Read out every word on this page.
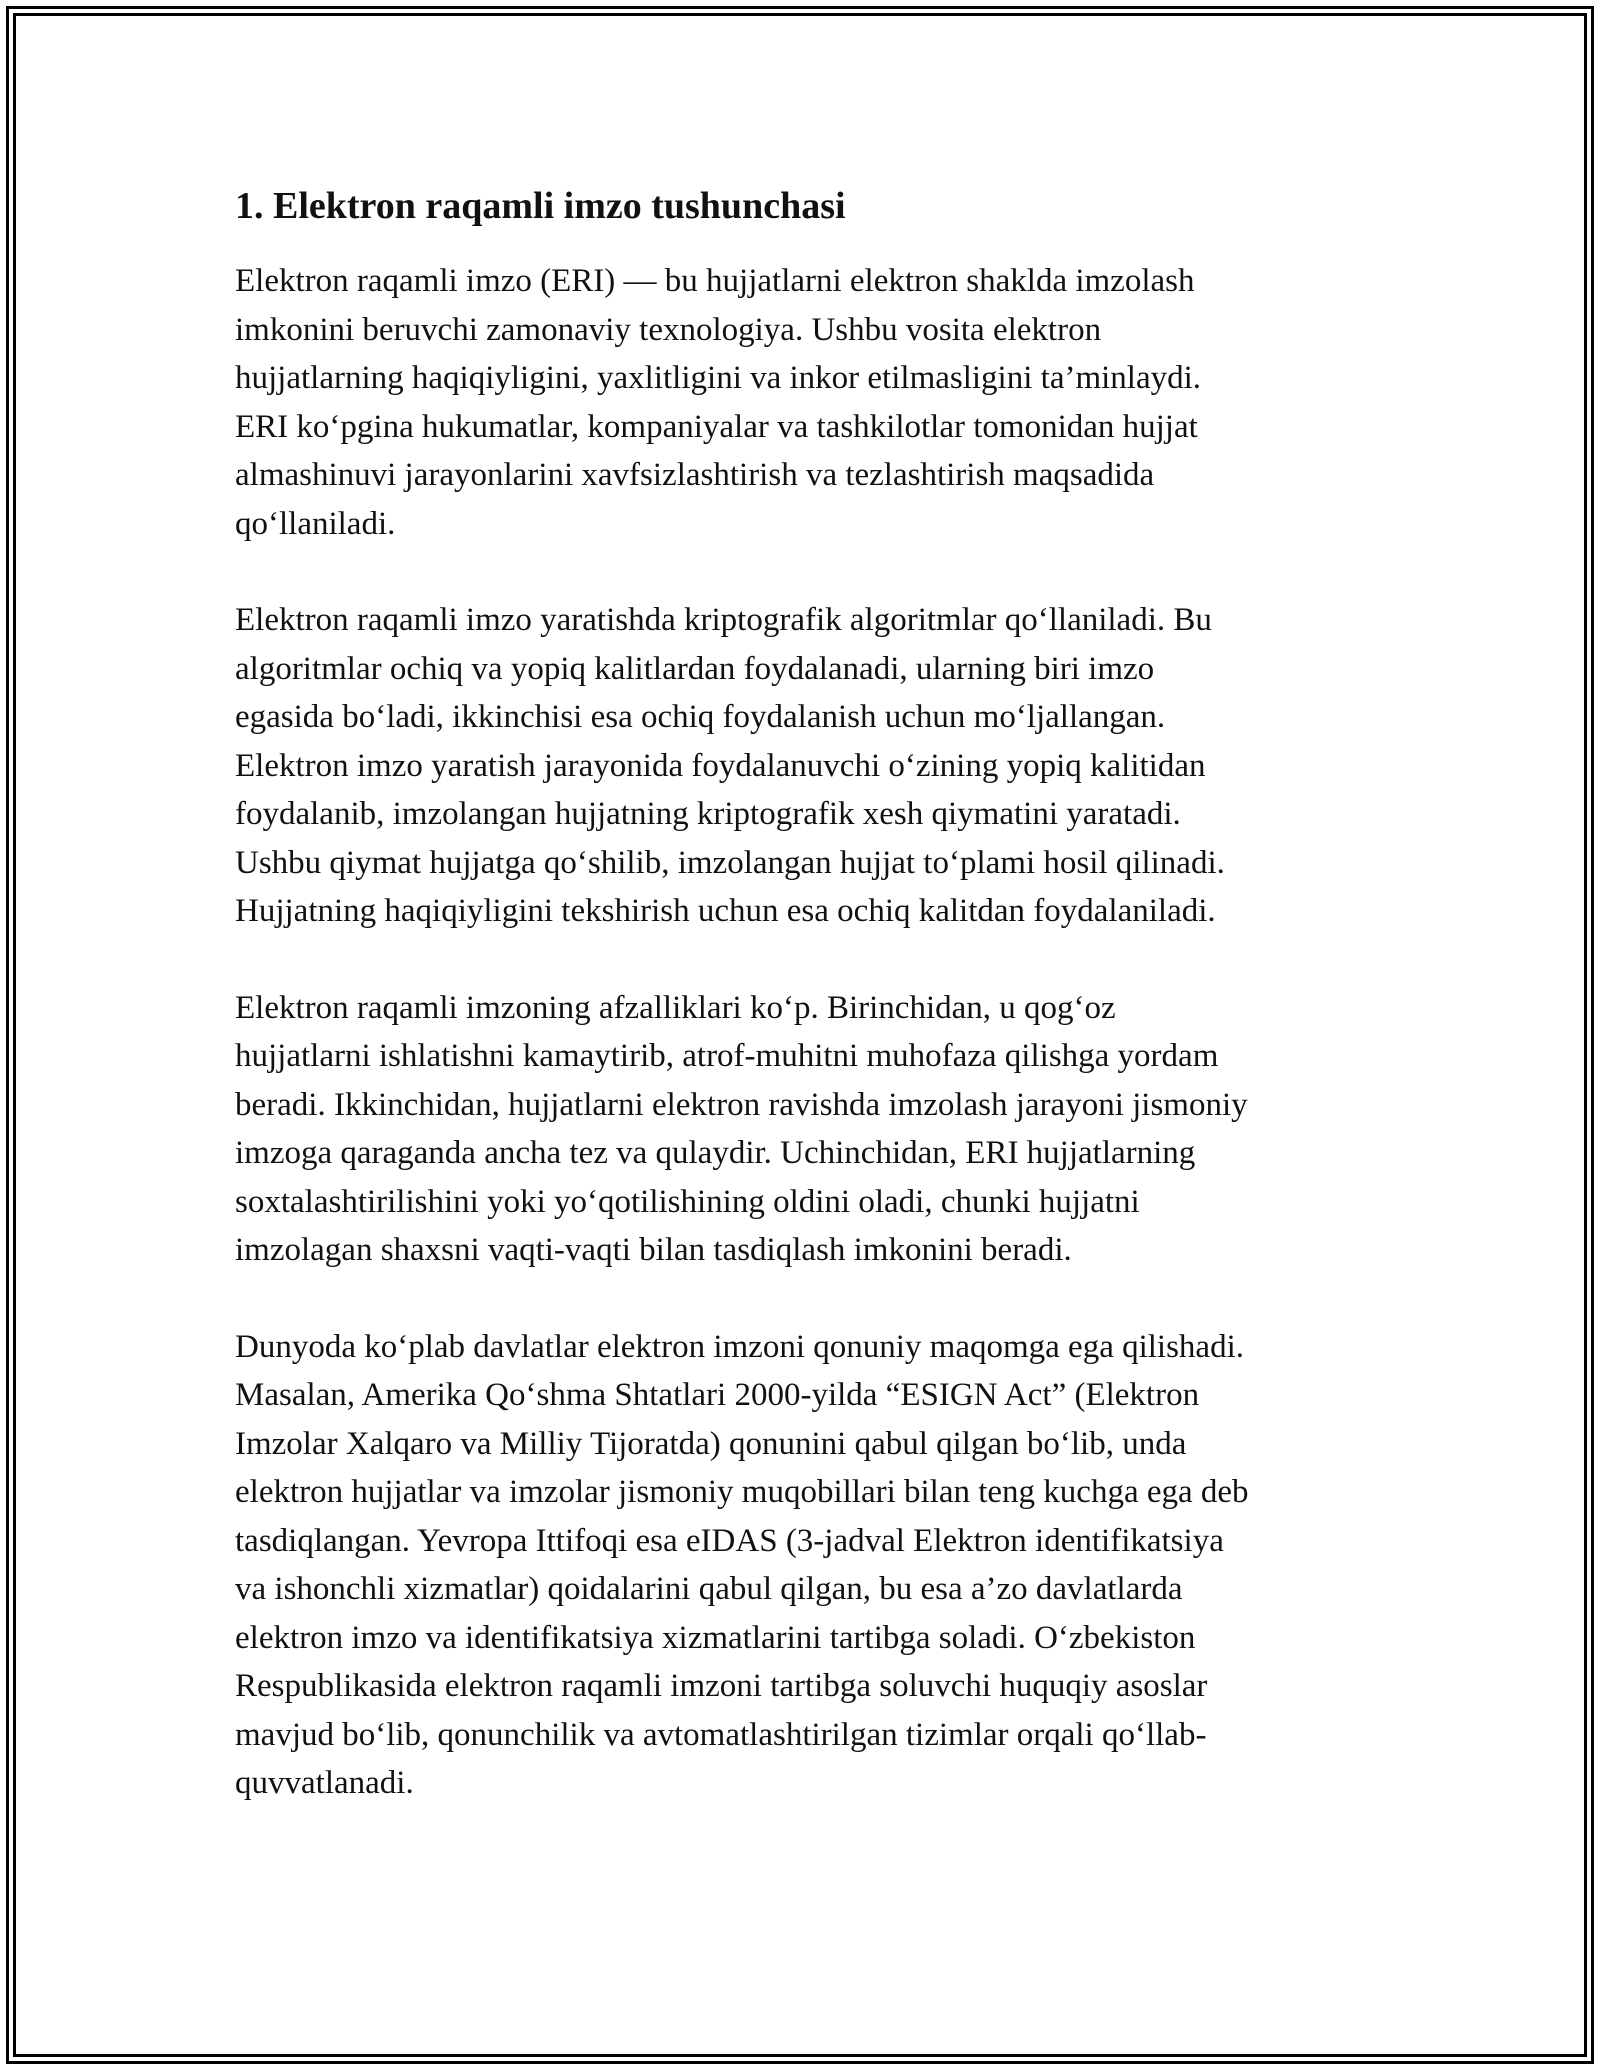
1. Elektron raqamli imzo tushunchasi

Elektron raqamli imzo (ERI) — bu hujjatlarni elektron shaklda imzolash
imkonini beruvchi zamonaviy texnologiya. Ushbu vosita elektron
hujjatlarning haqiqiyligini, yaxlitligini va inkor etilmasligini ta’minlaydi.
ERI koʻpgina hukumatlar, kompaniyalar va tashkilotlar tomonidan hujjat
almashinuvi jarayonlarini xavfsizlashtirish va tezlashtirish maqsadida
qoʻllaniladi.

Elektron raqamli imzo yaratishda kriptografik algoritmlar qoʻllaniladi. Bu
algoritmlar ochiq va yopiq kalitlardan foydalanadi, ularning biri imzo
egasida boʻladi, ikkinchisi esa ochiq foydalanish uchun moʻljallangan.
Elektron imzo yaratish jarayonida foydalanuvchi oʻzining yopiq kalitidan
foydalanib, imzolangan hujjatning kriptografik xesh qiymatini yaratadi.
Ushbu qiymat hujjatga qoʻshilib, imzolangan hujjat toʻplami hosil qilinadi.
Hujjatning haqiqiyligini tekshirish uchun esa ochiq kalitdan foydalaniladi.

Elektron raqamli imzoning afzalliklari koʻp. Birinchidan, u qogʻoz
hujjatlarni ishlatishni kamaytirib, atrof-muhitni muhofaza qilishga yordam
beradi. Ikkinchidan, hujjatlarni elektron ravishda imzolash jarayoni jismoniy
imzoga qaraganda ancha tez va qulaydir. Uchinchidan, ERI hujjatlarning
soxtalashtirilishini yoki yoʻqotilishining oldini oladi, chunki hujjatni
imzolagan shaxsni vaqti-vaqti bilan tasdiqlash imkonini beradi.

Dunyoda koʻplab davlatlar elektron imzoni qonuniy maqomga ega qilishadi.
Masalan, Amerika Qoʻshma Shtatlari 2000-yilda “ESIGN Act” (Elektron
Imzolar Xalqaro va Milliy Tijoratda) qonunini qabul qilgan boʻlib, unda
elektron hujjatlar va imzolar jismoniy muqobillari bilan teng kuchga ega deb
tasdiqlangan. Yevropa Ittifoqi esa eIDAS (3-jadval Elektron identifikatsiya
va ishonchli xizmatlar) qoidalarini qabul qilgan, bu esa a’zo davlatlarda
elektron imzo va identifikatsiya xizmatlarini tartibga soladi. Oʻzbekiston
Respublikasida elektron raqamli imzoni tartibga soluvchi huquqiy asoslar
mavjud boʻlib, qonunchilik va avtomatlashtirilgan tizimlar orqali qoʻllab-
quvvatlanadi.
